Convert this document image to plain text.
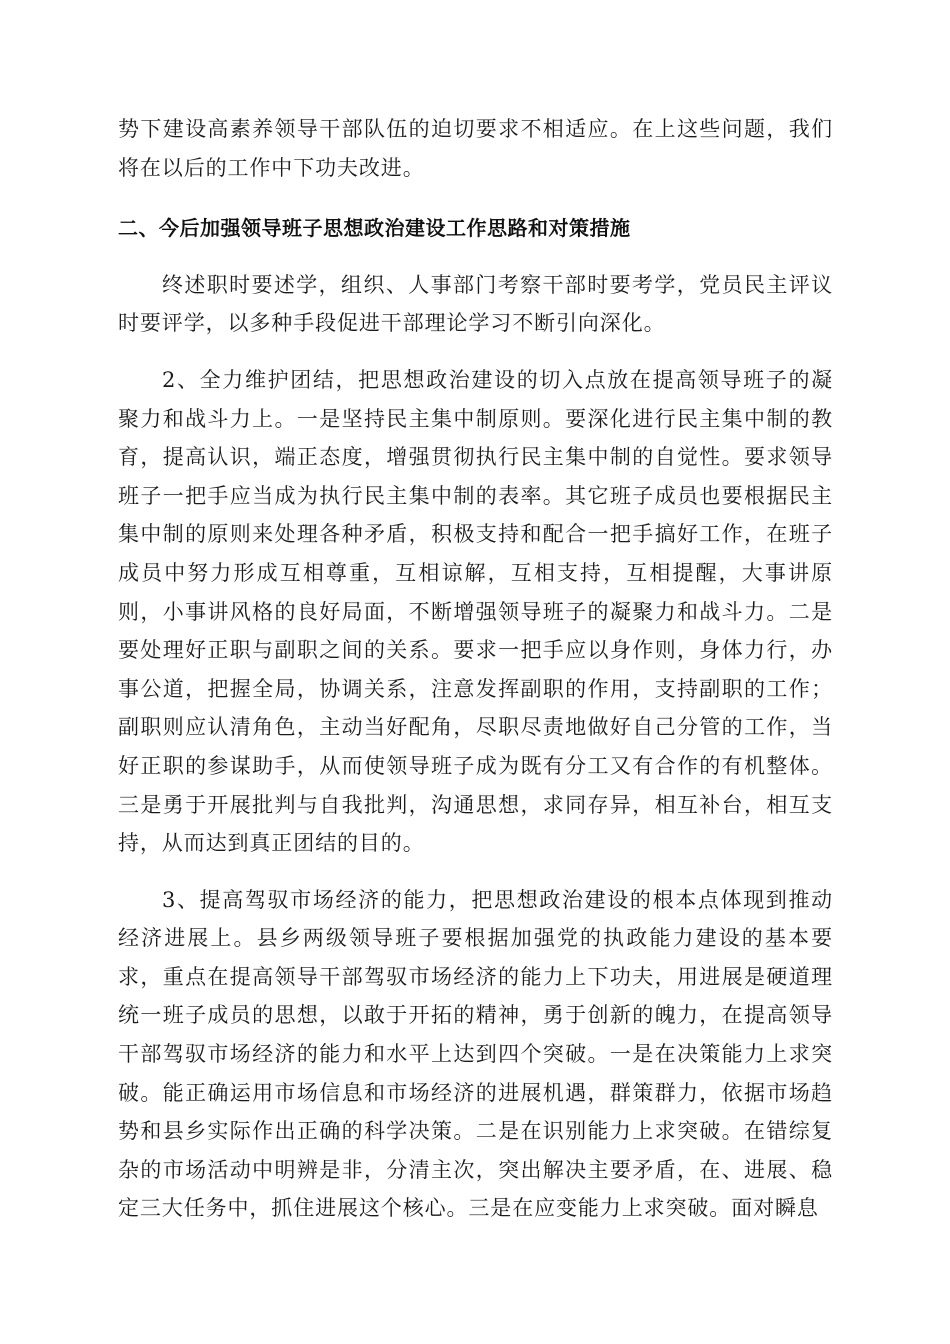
势下建设高素养领导干部队伍的迫切要求不相适应。在上这些问题，我们将在以后的工作中下功夫改进。

二、今后加强领导班子思想政治建设工作思路和对策措施

终述职时要述学，组织、人事部门考察干部时要考学，党员民主评议时要评学，以多种手段促进干部理论学习不断引向深化。

2、全力维护团结，把思想政治建设的切入点放在提高领导班子的凝聚力和战斗力上。一是坚持民主集中制原则。要深化进行民主集中制的教育，提高认识，端正态度，增强贯彻执行民主集中制的自觉性。要求领导班子一把手应当成为执行民主集中制的表率。其它班子成员也要根据民主集中制的原则来处理各种矛盾，积极支持和配合一把手搞好工作，在班子成员中努力形成互相尊重，互相谅解，互相支持，互相提醒，大事讲原则，小事讲风格的良好局面，不断增强领导班子的凝聚力和战斗力。二是要处理好正职与副职之间的关系。要求一把手应以身作则，身体力行，办事公道，把握全局，协调关系，注意发挥副职的作用，支持副职的工作；副职则应认清角色，主动当好配角，尽职尽责地做好自己分管的工作，当好正职的参谋助手，从而使领导班子成为既有分工又有合作的有机整体。三是勇于开展批判与自我批判，沟通思想，求同存异，相互补台，相互支持，从而达到真正团结的目的。

3、提高驾驭市场经济的能力，把思想政治建设的根本点体现到推动经济进展上。县乡两级领导班子要根据加强党的执政能力建设的基本要求，重点在提高领导干部驾驭市场经济的能力上下功夫，用进展是硬道理统一班子成员的思想，以敢于开拓的精神，勇于创新的魄力，在提高领导干部驾驭市场经济的能力和水平上达到四个突破。一是在决策能力上求突破。能正确运用市场信息和市场经济的进展机遇，群策群力，依据市场趋势和县乡实际作出正确的科学决策。二是在识别能力上求突破。在错综复杂的市场活动中明辨是非，分清主次，突出解决主要矛盾，在、进展、稳定三大任务中，抓住进展这个核心。三是在应变能力上求突破。面对瞬息
